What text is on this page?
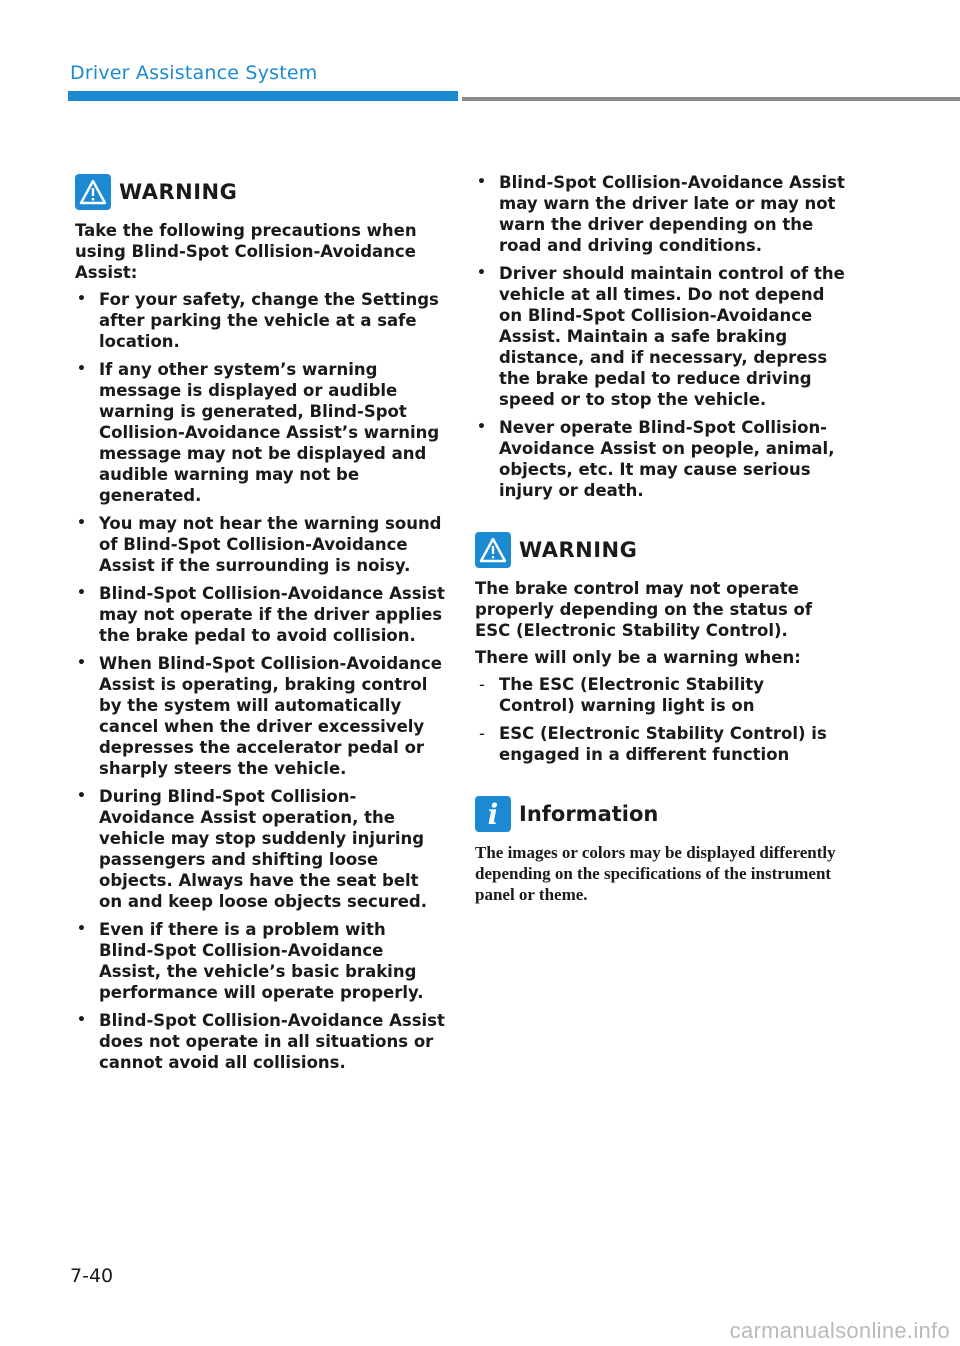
Driver Assistance System
WARNING

Take the following precautions when using Blind-Spot Collision-Avoidance Assist:

• For your safety, change the Settings after parking the vehicle at a safe location.
• If any other system’s warning message is displayed or audible warning is generated, Blind-Spot Collision-Avoidance Assist’s warning message may not be displayed and audible warning may not be generated.
• You may not hear the warning sound of Blind-Spot Collision-Avoidance Assist if the surrounding is noisy.
• Blind-Spot Collision-Avoidance Assist may not operate if the driver applies the brake pedal to avoid collision.
• When Blind-Spot Collision-Avoidance Assist is operating, braking control by the system will automatically cancel when the driver excessively depresses the accelerator pedal or sharply steers the vehicle.
• During Blind-Spot Collision-Avoidance Assist operation, the vehicle may stop suddenly injuring passengers and shifting loose objects. Always have the seat belt on and keep loose objects secured.
• Even if there is a problem with Blind-Spot Collision-Avoidance Assist, the vehicle’s basic braking performance will operate properly.
• Blind-Spot Collision-Avoidance Assist does not operate in all situations or cannot avoid all collisions.
• Blind-Spot Collision-Avoidance Assist may warn the driver late or may not warn the driver depending on the road and driving conditions.
• Driver should maintain control of the vehicle at all times. Do not depend on Blind-Spot Collision-Avoidance Assist. Maintain a safe braking distance, and if necessary, depress the brake pedal to reduce driving speed or to stop the vehicle.
• Never operate Blind-Spot Collision-Avoidance Assist on people, animal, objects, etc. It may cause serious injury or death.
WARNING

The brake control may not operate properly depending on the status of ESC (Electronic Stability Control).

There will only be a warning when:

- The ESC (Electronic Stability Control) warning light is on
- ESC (Electronic Stability Control) is engaged in a different function
i Information

The images or colors may be displayed differently depending on the specifications of the instrument panel or theme.

7-40
carmanualsonline.info
